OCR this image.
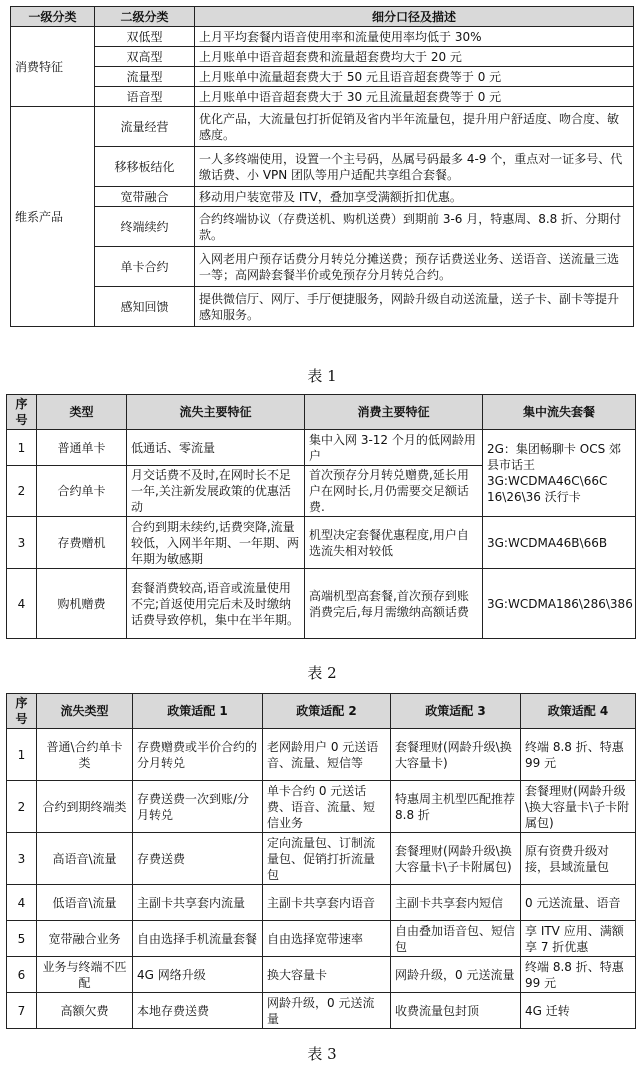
一级分类	二级分类	细分口径及描述
消费特征	双低型	上月平均套餐内语音使用率和流量使用率均低于 30%
	双高型	上月账单中语音超套费和流量超套费均大于 20 元
	流量型	上月账单中流量超套费大于 50 元且语音超套费等于 0 元
	语音型	上月账单中语音超套费大于 30 元且流量超套费等于 0 元
维系产品	流量经营	优化产品，大流量包打折促销及省内半年流量包，提升用户舒适度、吻合度、敏感度。
	移移板结化	一人多终端使用，设置一个主号码，丛属号码最多 4-9 个，重点对一证多号、代缴话费、小 VPN 团队等用户适配共享组合套餐。
	宽带融合	移动用户装宽带及 ITV，叠加享受满额折扣优惠。
	终端续约	合约终端协议（存费送机、购机送费）到期前 3-6 月，特惠周、8.8 折、分期付款。
	单卡合约	入网老用户预存话费分月转兑分摊送费；预存话费送业务、送语音、送流量三选一等；高网龄套餐半价或免预存分月转兑合约。
	感知回馈	提供微信厅、网厅、手厅便捷服务，网龄升级自动送流量，送子卡、副卡等提升感知服务。
表 1
序号	类型	流失主要特征	消费主要特征	集中流失套餐
1	普通单卡	低通话、零流量	集中入网 3-12 个月的低网龄用户	2G：集团畅聊卡 OCS 郊县市话王 3G:WCDMA46C\66C 16\26\36 沃行卡
2	合约单卡	月交话费不及时,在网时长不足一年,关注新发展政策的优惠活动	首次预存分月转兑赠费,延长用户在网时长,月仍需要交足额话费.	
3	存费赠机	合约到期未续约,话费突降,流量较低，入网半年期、一年期、两年期为敏感期	机型决定套餐优惠程度,用户自选流失相对较低	3G:WCDMA46B\66B
4	购机赠费	套餐消费较高,语音或流量使用不完;首返使用完后未及时缴纳话费导致停机，集中在半年期。	高端机型高套餐,首次预存到账消费完后,每月需缴纳高额话费	3G:WCDMA186\286\386
表 2
序号	流失类型	政策适配 1	政策适配 2	政策适配 3	政策适配 4
1	普通\合约单卡类	存费赠费或半价合约的分月转兑	老网龄用户 0 元送语音、流量、短信等	套餐理财(网龄升级\换大容量卡)	终端 8.8 折、特惠 99 元
2	合约到期终端类	存费送费一次到账/分月转兑	单卡合约 0 元送话费、语音、流量、短信业务	特惠周主机型匹配推荐 8.8 折	套餐理财(网龄升级\换大容量卡\子卡附属包)
3	高语音\流量	存费送费	定向流量包、订制流量包、促销打折流量包	套餐理财(网龄升级\换大容量卡\子卡附属包)	原有资费升级对接，县域流量包
4	低语音\流量	主副卡共享套内流量	主副卡共享套内语音	主副卡共享套内短信	0 元送流量、语音
5	宽带融合业务	自由选择手机流量套餐	自由选择宽带速率	自由叠加语音包、短信包	享 ITV 应用、满额享 7 折优惠
6	业务与终端不匹配	4G 网络升级	换大容量卡	网龄升级，0 元送流量	终端 8.8 折、特惠 99 元
7	高额欠费	本地存费送费	网龄升级，0 元送流量	收费流量包封顶	4G 迁转
表 3
